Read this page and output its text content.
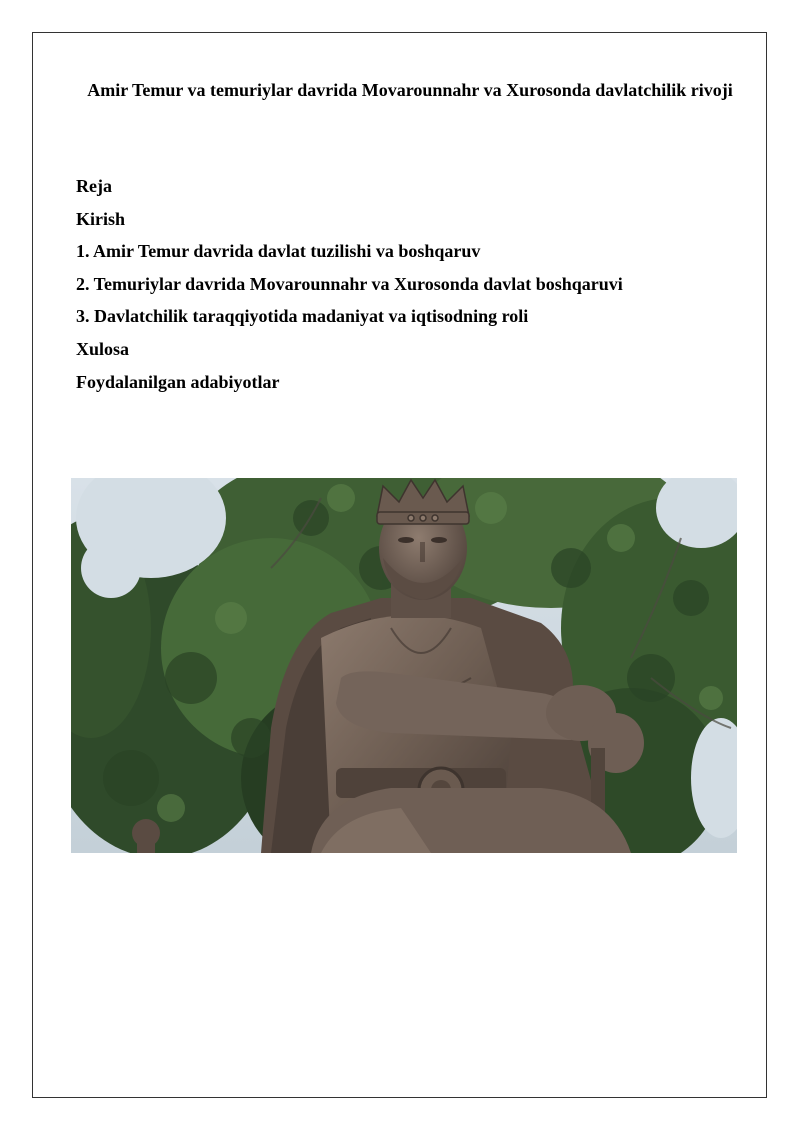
Amir Temur va temuriylar davrida Movarounnahr va Xurosonda davlatchilik rivoji
Reja
Kirish
1. Amir Temur davrida davlat tuzilishi va boshqaruv
2. Temuriylar davrida Movarounnahr va Xurosonda davlat boshqaruvi
3. Davlatchilik taraqqiyotida madaniyat va iqtisodning roli
Xulosa
Foydalanilgan adabiyotlar
